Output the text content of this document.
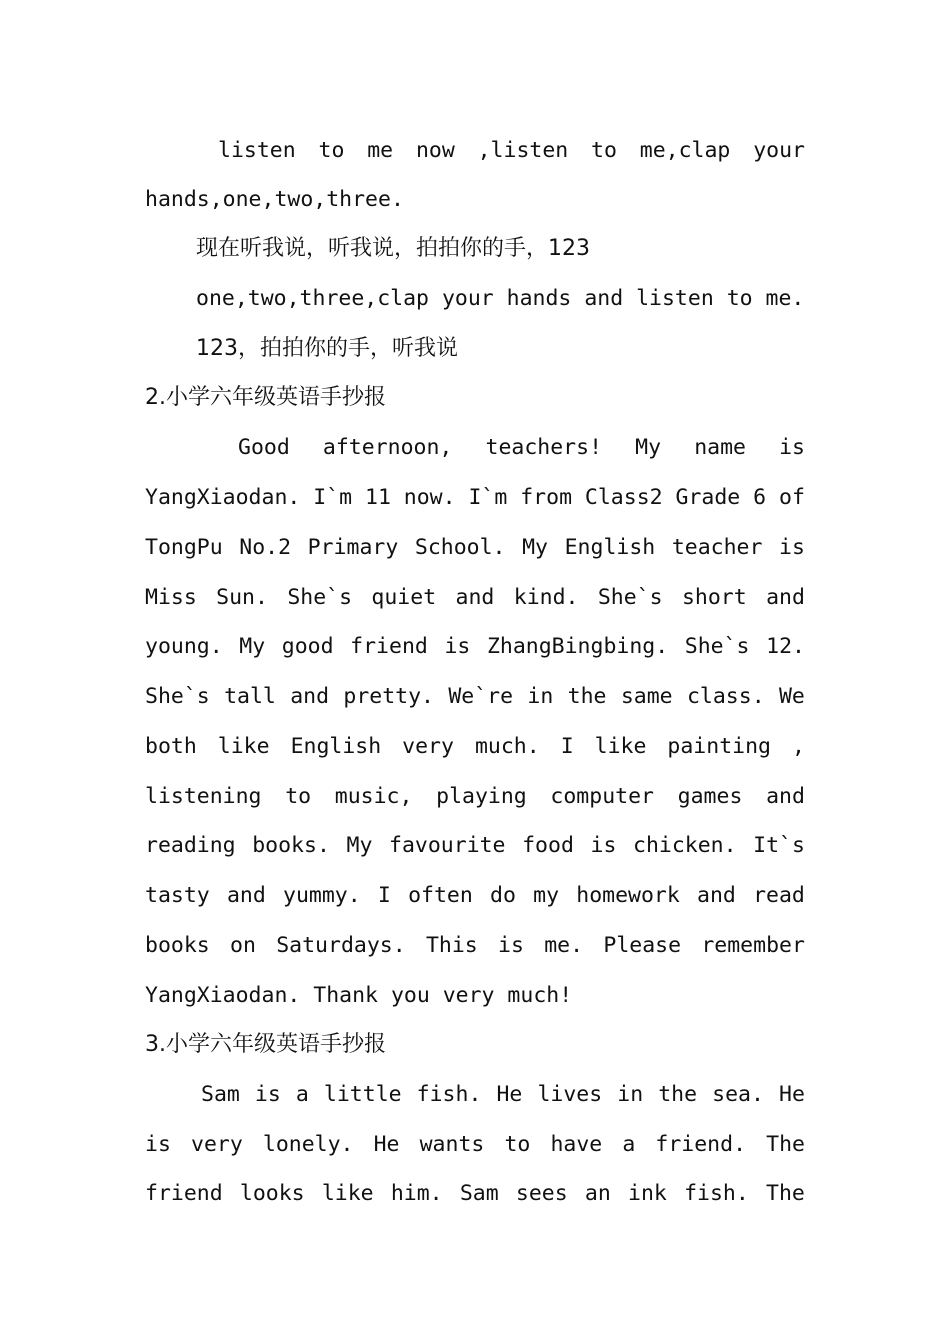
listen to me now ,listen to me,clap your
hands,one,two,three.
现在听我说，听我说，拍拍你的手，123
one,two,three,clap your hands and listen to me.
123，拍拍你的手，听我说
2.小学六年级英语手抄报
Good afternoon, teachers! My name is
YangXiaodan. I`m 11 now. I`m from Class2 Grade 6 of
TongPu No.2 Primary School. My English teacher is
Miss Sun. She`s quiet and kind. She`s short and
young. My good friend is ZhangBingbing. She`s 12.
She`s tall and pretty. We`re in the same class. We
both like English very much. I like painting ,
listening to music, playing computer games and
reading books. My favourite food is chicken. It`s
tasty and yummy. I often do my homework and read
books on Saturdays. This is me. Please remember
YangXiaodan. Thank you very much!
3.小学六年级英语手抄报
Sam is a little fish. He lives in the sea. He
is very lonely. He wants to have a friend. The
friend looks like him. Sam sees an ink fish. The
